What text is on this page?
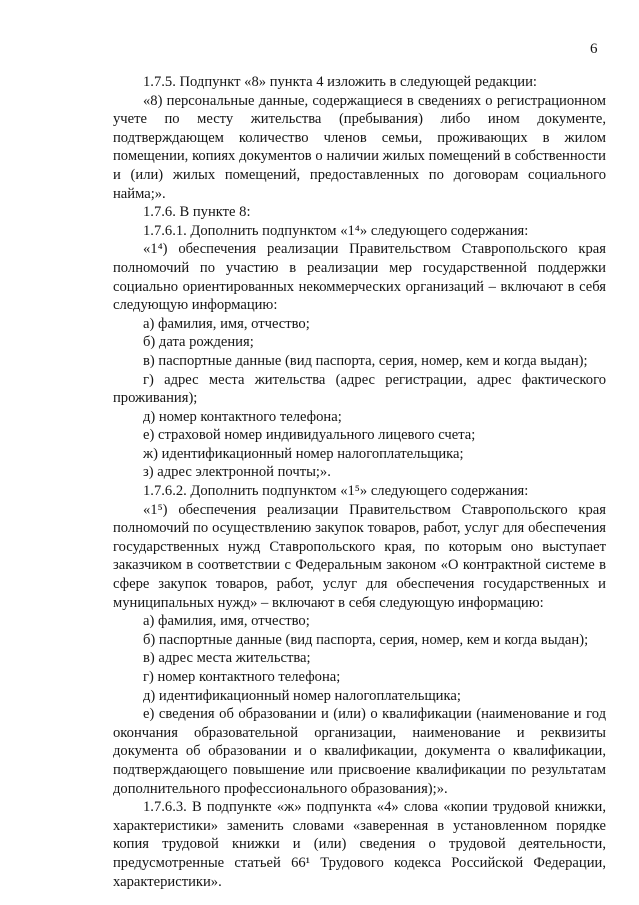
6

1.7.5. Подпункт «8» пункта 4 изложить в следующей редакции:

«8) персональные данные, содержащиеся в сведениях о регистрационном учете по месту жительства (пребывания) либо ином документе, подтверждающем количество членов семьи, проживающих в жилом помещении, копиях документов о наличии жилых помещений в собственности и (или) жилых помещений, предоставленных по договорам социального найма;».

1.7.6. В пункте 8:

1.7.6.1. Дополнить подпунктом «1⁴» следующего содержания:

«1⁴) обеспечения реализации Правительством Ставропольского края полномочий по участию в реализации мер государственной поддержки социально ориентированных некоммерческих организаций – включают в себя следующую информацию:

а) фамилия, имя, отчество;

б) дата рождения;

в) паспортные данные (вид паспорта, серия, номер, кем и когда выдан);

г) адрес места жительства (адрес регистрации, адрес фактического проживания);

д) номер контактного телефона;

е) страховой номер индивидуального лицевого счета;

ж) идентификационный номер налогоплательщика;

з) адрес электронной почты;».

1.7.6.2. Дополнить подпунктом «1⁵» следующего содержания:

«1⁵) обеспечения реализации Правительством Ставропольского края полномочий по осуществлению закупок товаров, работ, услуг для обеспечения государственных нужд Ставропольского края, по которым оно выступает заказчиком в соответствии с Федеральным законом «О контрактной системе в сфере закупок товаров, работ, услуг для обеспечения государственных и муниципальных нужд» – включают в себя следующую информацию:

а) фамилия, имя, отчество;

б) паспортные данные (вид паспорта, серия, номер, кем и когда выдан);

в) адрес места жительства;

г) номер контактного телефона;

д) идентификационный номер налогоплательщика;

е) сведения об образовании и (или) о квалификации (наименование и год окончания образовательной организации, наименование и реквизиты документа об образовании и о квалификации, документа о квалификации, подтверждающего повышение или присвоение квалификации по результатам дополнительного профессионального образования);».

1.7.6.3. В подпункте «ж» подпункта «4» слова «копии трудовой книжки, характеристики» заменить словами «заверенная в установленном порядке копия трудовой книжки и (или) сведения о трудовой деятельности, предусмотренные статьей 66¹ Трудового кодекса Российской Федерации, характеристики».
